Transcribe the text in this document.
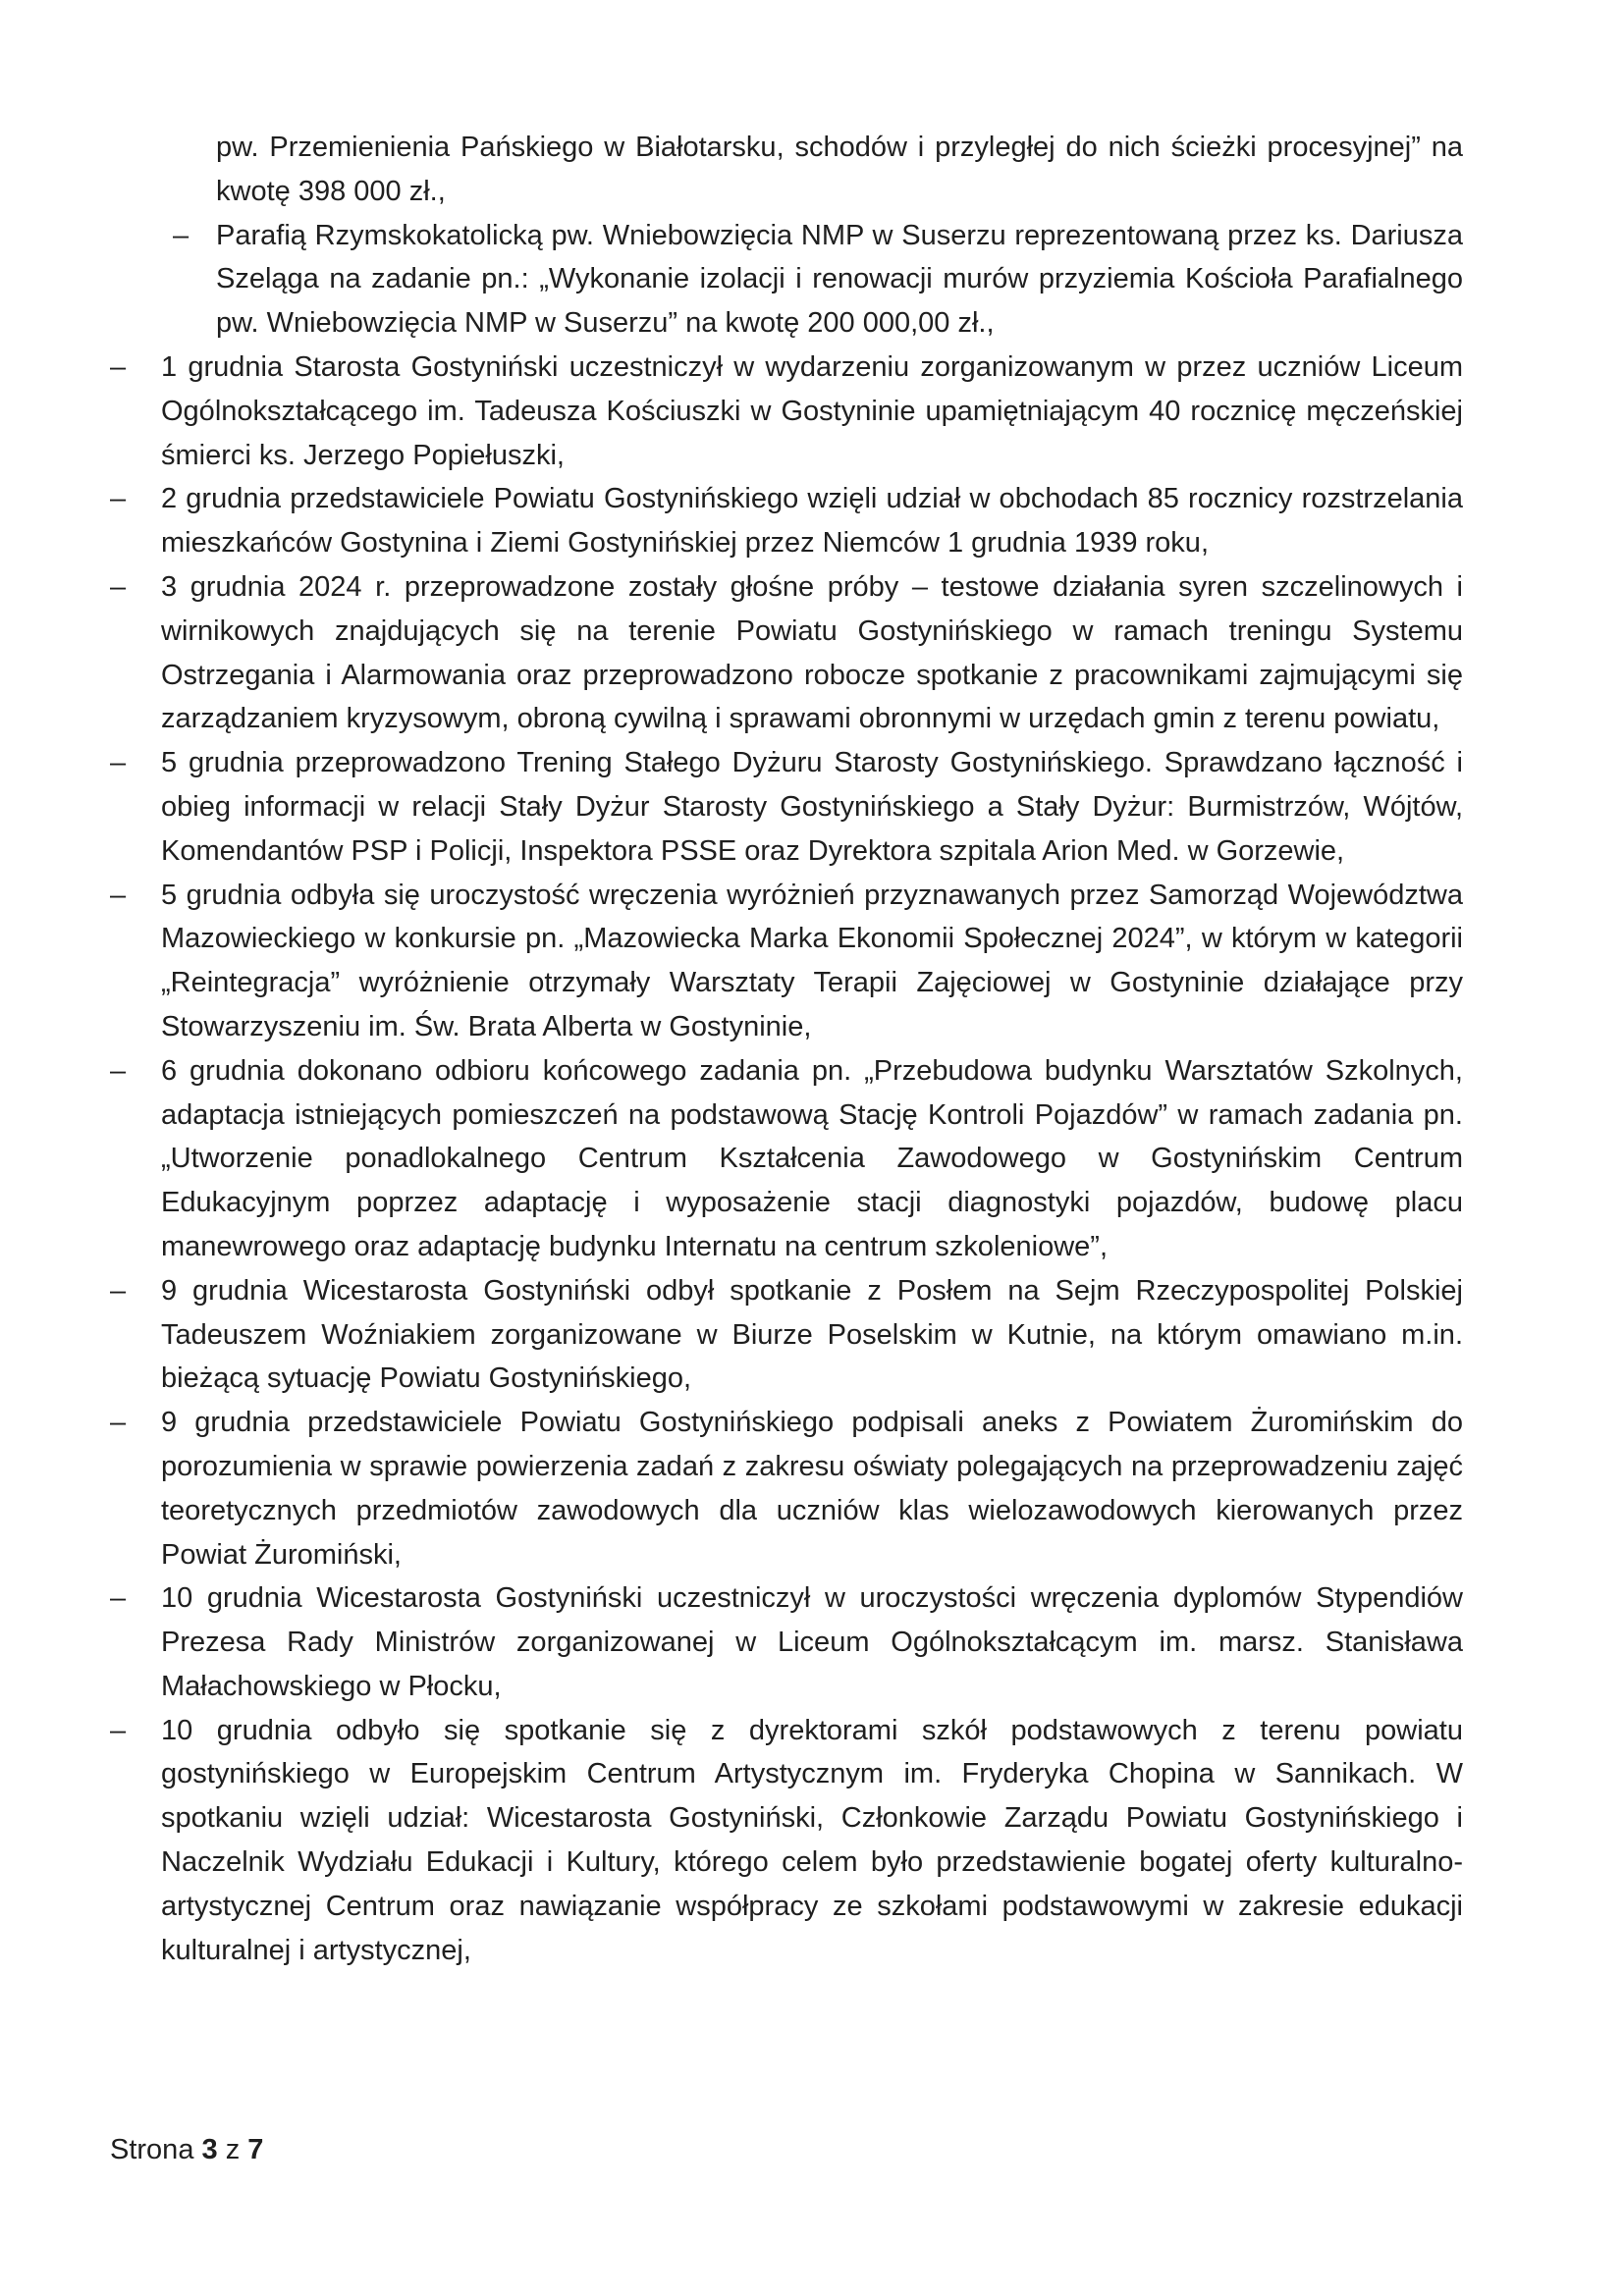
pw. Przemienienia Pańskiego w Białotarsku, schodów i przyległej do nich ścieżki procesyjnej” na kwotę 398 000 zł.,
– Parafią Rzymskokatolicką pw. Wniebowzięcia NMP w Suserzu reprezentowaną przez ks. Dariusza Szeląga na zadanie pn.: „Wykonanie izolacji i renowacji murów przyziemia Kościoła Parafialnego pw. Wniebowzięcia NMP w Suserzu” na kwotę 200 000,00 zł.,
– 1 grudnia Starosta Gostyniński uczestniczył w wydarzeniu zorganizowanym w przez uczniów Liceum Ogólnokształcącego im. Tadeusza Kościuszki w Gostyninie upamiętniającym 40 rocznicę męczeńskiej śmierci ks. Jerzego Popiełuszki,
– 2 grudnia przedstawiciele Powiatu Gostynińskiego wzięli udział w obchodach 85 rocznicy rozstrzelania mieszkańców Gostynina i Ziemi Gostynińskiej przez Niemców 1 grudnia 1939 roku,
– 3 grudnia 2024 r. przeprowadzone zostały głośne próby – testowe działania syren szczelinowych i wirnikowych znajdujących się na terenie Powiatu Gostynińskiego w ramach treningu Systemu Ostrzegania i Alarmowania oraz przeprowadzono robocze spotkanie z pracownikami zajmującymi się zarządzaniem kryzysowym, obroną cywilną i sprawami obronnymi w urzędach gmin z terenu powiatu,
– 5 grudnia przeprowadzono Trening Stałego Dyżuru Starosty Gostynińskiego. Sprawdzano łączność i obieg informacji w relacji Stały Dyżur Starosty Gostynińskiego a Stały Dyżur: Burmistrzów, Wójtów, Komendantów PSP i Policji, Inspektora PSSE oraz Dyrektora szpitala Arion Med. w Gorzewie,
– 5 grudnia odbyła się uroczystość wręczenia wyróżnień przyznawanych przez Samorząd Województwa Mazowieckiego w konkursie pn. „Mazowiecka Marka Ekonomii Społecznej 2024”, w którym w kategorii „Reintegracja” wyróżnienie otrzymały Warsztaty Terapii Zajęciowej w Gostyninie działające przy Stowarzyszeniu im. Św. Brata Alberta w Gostyninie,
– 6 grudnia dokonano odbioru końcowego zadania pn. „Przebudowa budynku Warsztatów Szkolnych, adaptacja istniejących pomieszczeń na podstawową Stację Kontroli Pojazdów” w ramach zadania pn. „Utworzenie ponadlokalnego Centrum Kształcenia Zawodowego w Gostynińskim Centrum Edukacyjnym poprzez adaptację i wyposażenie stacji diagnostyki pojazdów, budowę placu manewrowego oraz adaptację budynku Internatu na centrum szkoleniowe”,
– 9 grudnia Wicestarosta Gostyniński odbył spotkanie z Posłem na Sejm Rzeczypospolitej Polskiej Tadeuszem Woźniakiem zorganizowane w Biurze Poselskim w Kutnie, na którym omawiano m.in. bieżącą sytuację Powiatu Gostynińskiego,
– 9 grudnia przedstawiciele Powiatu Gostynińskiego podpisali aneks z Powiatem Żuromińskim do porozumienia w sprawie powierzenia zadań z zakresu oświaty polegających na przeprowadzeniu zajęć teoretycznych przedmiotów zawodowych dla uczniów klas wielozawodowych kierowanych przez Powiat Żuromiński,
– 10 grudnia Wicestarosta Gostyniński uczestniczył w uroczystości wręczenia dyplomów Stypendiów Prezesa Rady Ministrów zorganizowanej w Liceum Ogólnokształcącym im. marsz. Stanisława Małachowskiego w Płocku,
– 10 grudnia odbyło się spotkanie się z dyrektorami szkół podstawowych z terenu powiatu gostynińskiego w Europejskim Centrum Artystycznym im. Fryderyka Chopina w Sannikach. W spotkaniu wzięli udział: Wicestarosta Gostyniński, Członkowie Zarządu Powiatu Gostynińskiego i Naczelnik Wydziału Edukacji i Kultury, którego celem było przedstawienie bogatej oferty kulturalno-artystycznej Centrum oraz nawiązanie współpracy ze szkołami podstawowymi w zakresie edukacji kulturalnej i artystycznej,
Strona 3 z 7
